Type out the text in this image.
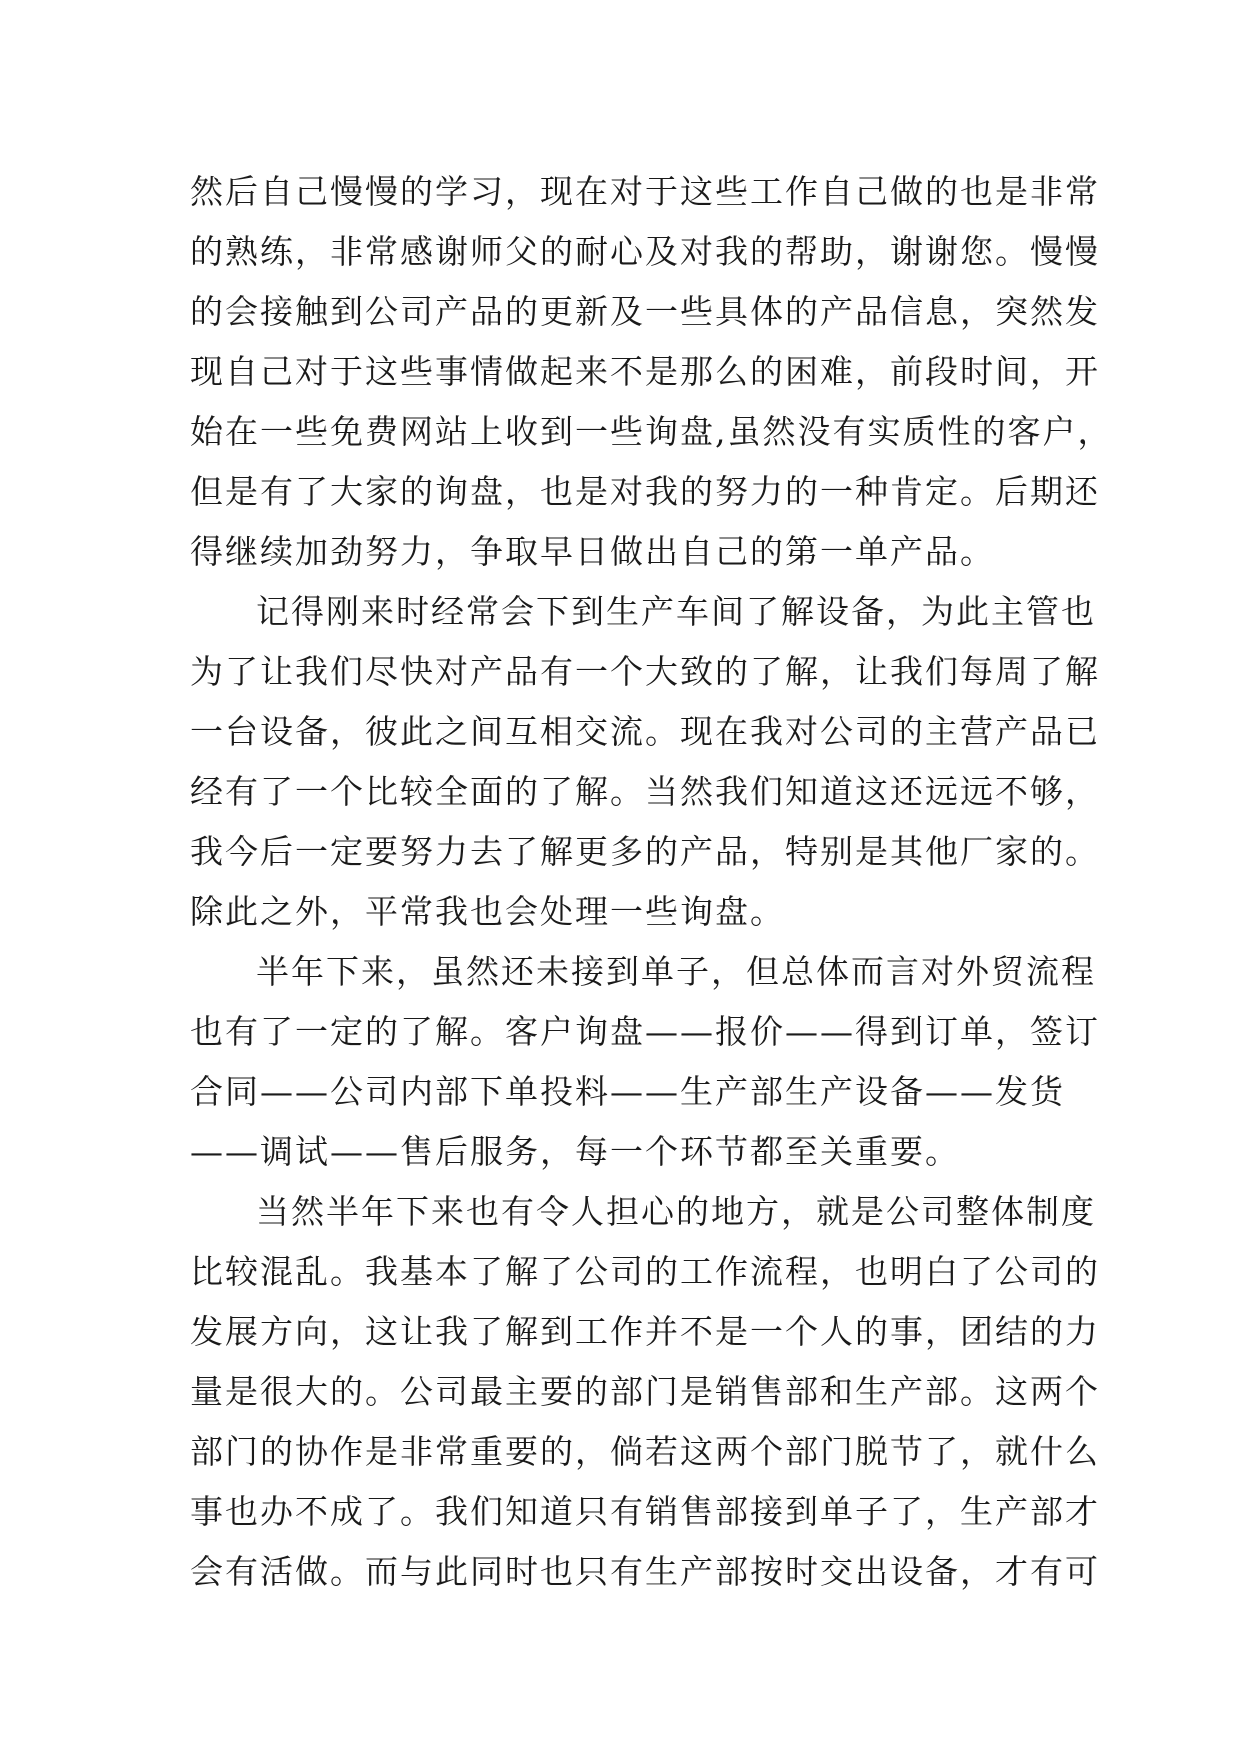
然后自己慢慢的学习，现在对于这些工作自己做的也是非常
的熟练，非常感谢师父的耐心及对我的帮助，谢谢您。慢慢
的会接触到公司产品的更新及一些具体的产品信息，突然发
现自己对于这些事情做起来不是那么的困难，前段时间，开
始在一些免费网站上收到一些询盘,虽然没有实质性的客户，
但是有了大家的询盘，也是对我的努力的一种肯定。后期还
得继续加劲努力，争取早日做出自己的第一单产品。
记得刚来时经常会下到生产车间了解设备，为此主管也
为了让我们尽快对产品有一个大致的了解，让我们每周了解
一台设备，彼此之间互相交流。现在我对公司的主营产品已
经有了一个比较全面的了解。当然我们知道这还远远不够，
我今后一定要努力去了解更多的产品，特别是其他厂家的。
除此之外，平常我也会处理一些询盘。
半年下来，虽然还未接到单子，但总体而言对外贸流程
也有了一定的了解。客户询盘——报价——得到订单，签订
合同——公司内部下单投料——生产部生产设备——发货
——调试——售后服务，每一个环节都至关重要。
当然半年下来也有令人担心的地方，就是公司整体制度
比较混乱。我基本了解了公司的工作流程，也明白了公司的
发展方向，这让我了解到工作并不是一个人的事，团结的力
量是很大的。公司最主要的部门是销售部和生产部。这两个
部门的协作是非常重要的，倘若这两个部门脱节了，就什么
事也办不成了。我们知道只有销售部接到单子了，生产部才
会有活做。而与此同时也只有生产部按时交出设备，才有可
